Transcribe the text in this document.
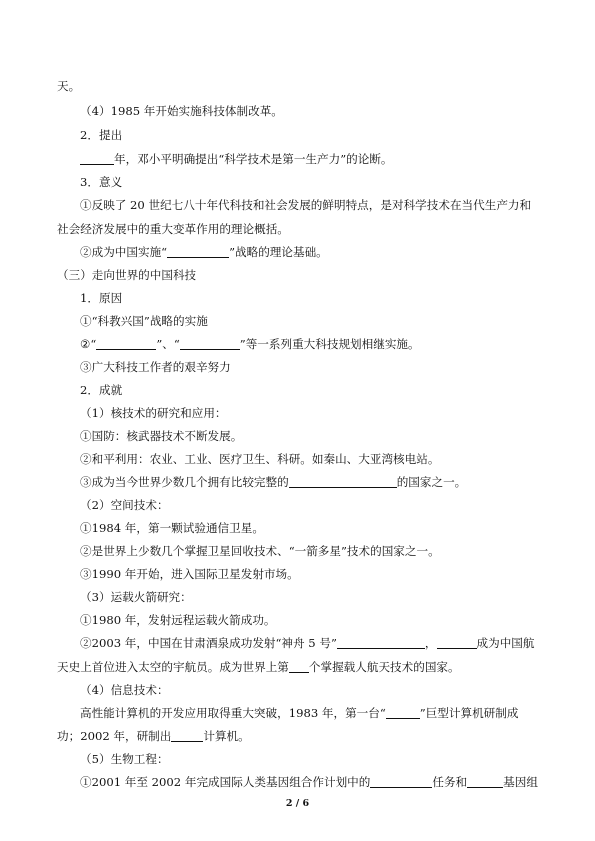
天。
（4）1985 年开始实施科技体制改革。
2．提出
年，邓小平明确提出“科学技术是第一生产力”的论断。
3．意义
①反映了 20 世纪七八十年代科技和社会发展的鲜明特点，是对科学技术在当代生产力和
社会经济发展中的重大变革作用的理论概括。
②成为中国实施“	”战略的理论基础。
（三）走向世界的中国科技
1．原因
①“科教兴国”战略的实施
②“	”、“	”等一系列重大科技规划相继实施。
③广大科技工作者的艰辛努力
2．成就
（1）核技术的研究和应用：
①国防：核武器技术不断发展。
②和平利用：农业、工业、医疗卫生、科研。如秦山、大亚湾核电站。
③成为当今世界少数几个拥有比较完整的	的国家之一。
（2）空间技术：
①1984 年，第一颗试验通信卫星。
②是世界上少数几个掌握卫星回收技术、“一箭多星”技术的国家之一。
③1990 年开始，进入国际卫星发射市场。
（3）运载火箭研究：
①1980 年，发射远程运载火箭成功。
②2003 年，中国在甘肃酒泉成功发射“神舟 5 号”	，	成为中国航
天史上首位进入太空的宇航员。成为世界上第 个掌握载人航天技术的国家。
（4）信息技术：
高性能计算机的开发应用取得重大突破，1983 年，第一台“	”巨型计算机研制成
功；2002 年，研制出	计算机。
（5）生物工程：
①2001 年至 2002 年完成国际人类基因组合作计划中的	任务和	基因组
2 / 6
